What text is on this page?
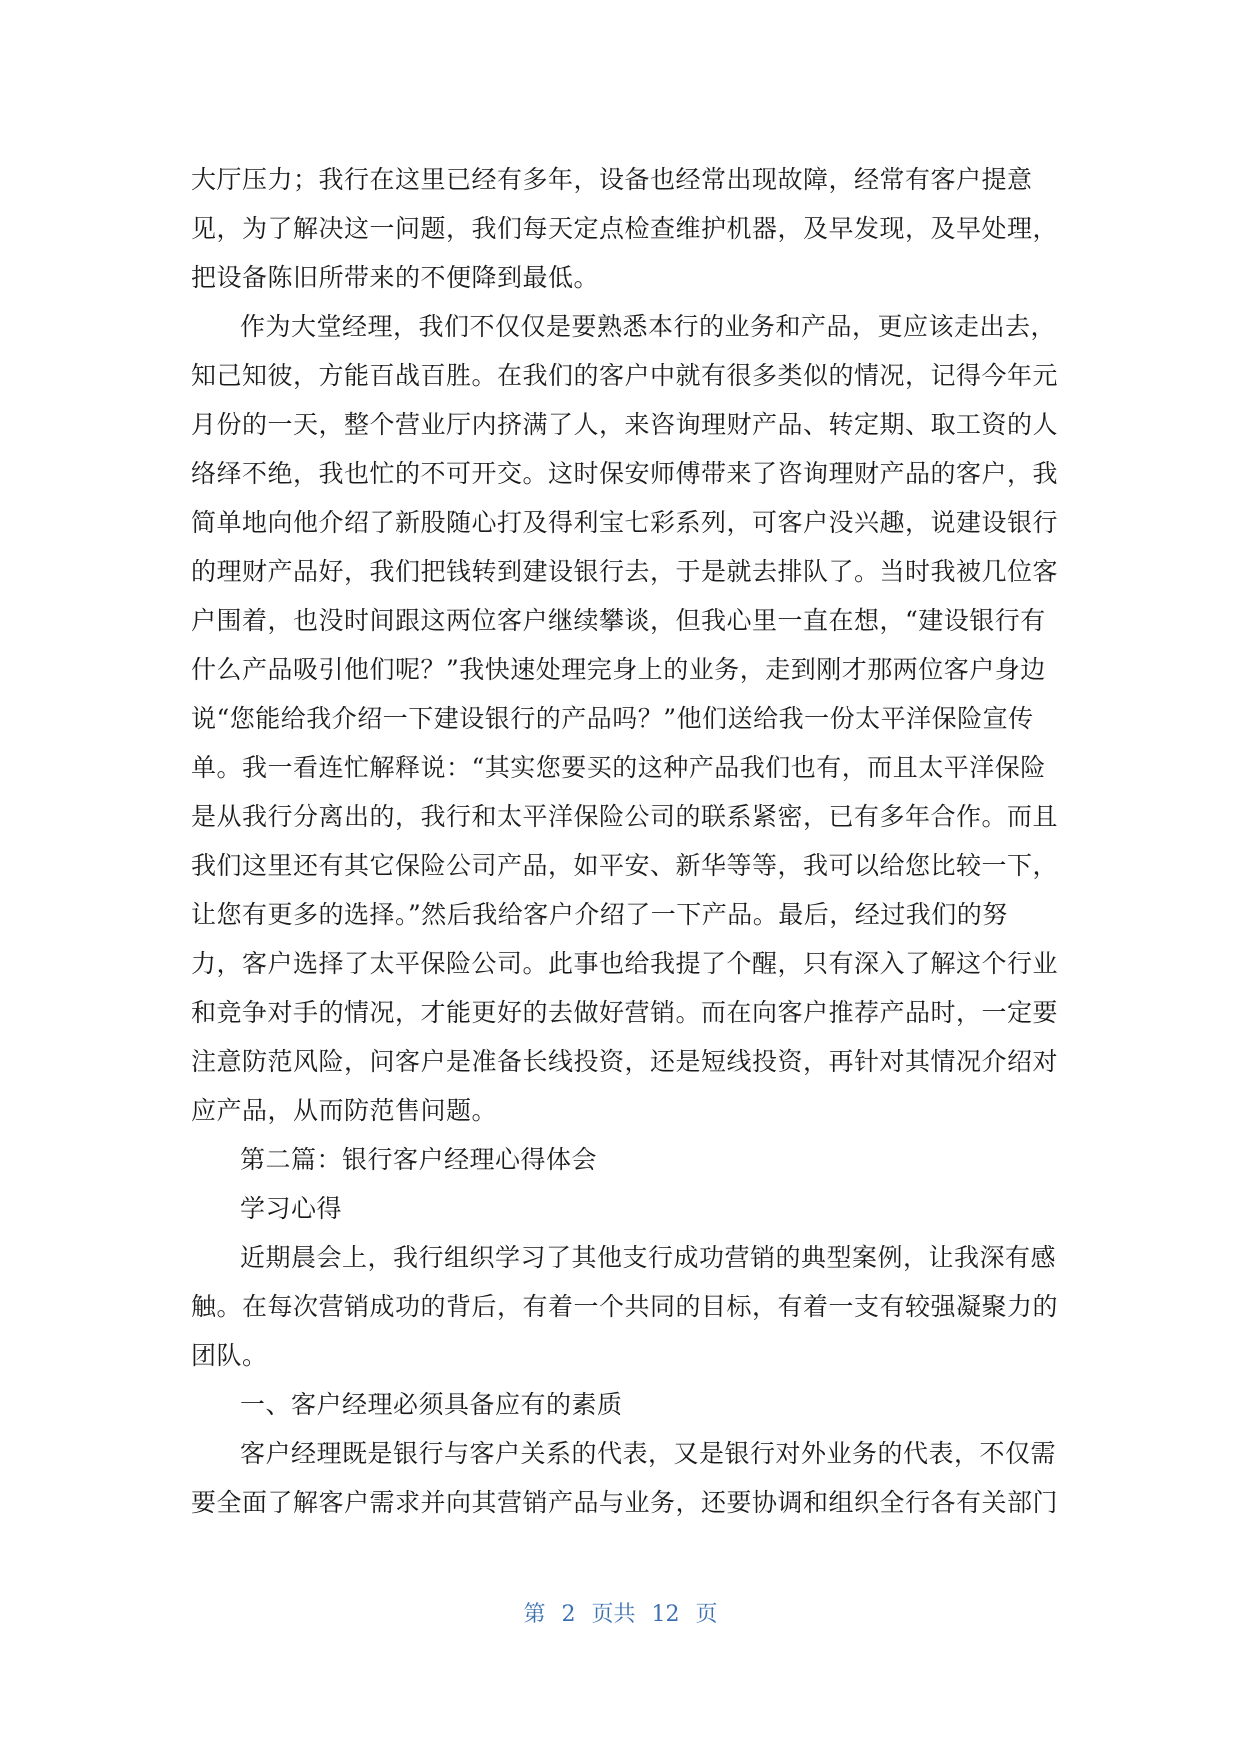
大厅压力；我行在这里已经有多年，设备也经常出现故障，经常有客户提意
见，为了解决这一问题，我们每天定点检查维护机器，及早发现，及早处理，
把设备陈旧所带来的不便降到最低。
作为大堂经理，我们不仅仅是要熟悉本行的业务和产品，更应该走出去，
知己知彼，方能百战百胜。在我们的客户中就有很多类似的情况，记得今年元
月份的一天，整个营业厅内挤满了人，来咨询理财产品、转定期、取工资的人
络绎不绝，我也忙的不可开交。这时保安师傅带来了咨询理财产品的客户，我
简单地向他介绍了新股随心打及得利宝七彩系列，可客户没兴趣，说建设银行
的理财产品好，我们把钱转到建设银行去，于是就去排队了。当时我被几位客
户围着，也没时间跟这两位客户继续攀谈，但我心里一直在想，“建设银行有
什么产品吸引他们呢？”我快速处理完身上的业务，走到刚才那两位客户身边
说“您能给我介绍一下建设银行的产品吗？”他们送给我一份太平洋保险宣传
单。我一看连忙解释说：“其实您要买的这种产品我们也有，而且太平洋保险
是从我行分离出的，我行和太平洋保险公司的联系紧密，已有多年合作。而且
我们这里还有其它保险公司产品，如平安、新华等等，我可以给您比较一下，
让您有更多的选择。”然后我给客户介绍了一下产品。最后，经过我们的努
力，客户选择了太平保险公司。此事也给我提了个醒，只有深入了解这个行业
和竞争对手的情况，才能更好的去做好营销。而在向客户推荐产品时，一定要
注意防范风险，问客户是准备长线投资，还是短线投资，再针对其情况介绍对
应产品，从而防范售问题。
第二篇：银行客户经理心得体会
学习心得
近期晨会上，我行组织学习了其他支行成功营销的典型案例，让我深有感
触。在每次营销成功的背后，有着一个共同的目标，有着一支有较强凝聚力的
团队。
一、客户经理必须具备应有的素质
客户经理既是银行与客户关系的代表，又是银行对外业务的代表，不仅需
要全面了解客户需求并向其营销产品与业务，还要协调和组织全行各有关部门
第 2 页共 12 页
